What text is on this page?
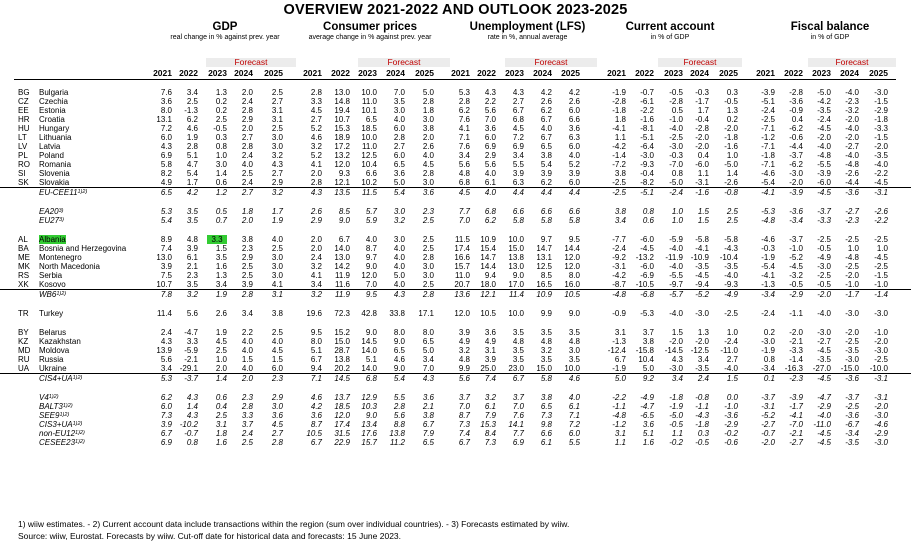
OVERVIEW 2021-2022 AND OUTLOOK 2023-2025
GDP
real change in % against prev. year
Consumer prices
average change in % against prev. year
Unemployment (LFS)
rate in %, annual average
Current account
in % of GDP
Fiscal balance
in % of GDP
Forecast	Forecast	Forecast	Forecast	Forecast
2021 2022	2023 2024	2025	2021	2022 2023	2024	2025	2021 2022	2023	2024	2025	2021	2022	2023 2024	2025	2021	2022	2023	2024	2025
BG Bulgaria	7.6	3.4	1.3	2.0	2.5	2.8	13.0	10.0	7.0	5.0	5.3	4.3	4.3	4.2	4.2	-1.9	-0.7	-0.5	-0.3	0.3	-3.9	-2.8	-5.0	-4.0	-3.0
CZ Czechia	3.6	2.5	0.2	2.4	2.7	3.3	14.8	11.0	3.5	2.8	2.8	2.2	2.7	2.6	2.6	-2.8	-6.1	-2.8	-1.7	-0.5	-5.1	-3.6	-4.2	-2.3	-1.5
EE Estonia	8.0	-1.3	0.2	2.8	3.1	4.5	19.4	10.1	3.0	1.8	6.2	5.6	6.7	6.2	6.0	-1.8	-2.2	0.5	1.7	1.3	-2.4	-0.9	-3.5	-3.2	-2.9
HR Croatia	13.1	6.2	2.5	2.9	3.1	2.7	10.7	6.5	4.0	3.0	7.6	7.0	6.8	6.7	6.6	1.8	-1.6	-1.0	-0.4	0.2	-2.5	0.4	-2.4	-2.0	-1.8
HU Hungary	7.2	4.6	-0.5	2.0	2.5	5.2	15.3	18.5	6.0	3.8	4.1	3.6	4.5	4.0	3.6	-4.1	-8.1	-4.0	-2.8	-2.0	-7.1	-6.2	-4.5	-4.0	-3.3
LT Lithuania	6.0	1.9	0.3	2.7	3.0	4.6	18.9	10.0	2.8	2.0	7.1	6.0	7.2	6.7	6.3	1.1	-5.1	-2.5	-2.0	-1.8	-1.2	-0.6	-2.0	-2.0	-1.5
LV Latvia	4.3	2.8	0.8	2.8	3.0	3.2	17.2	11.0	2.7	2.6	7.6	6.9	6.9	6.5	6.0	-4.2	-6.4	-3.0	-2.0	-1.6	-7.1	-4.4	-4.0	-2.7	-2.0
PL Poland	6.9	5.1	1.0	2.4	3.2	5.2	13.2	12.5	6.0	4.0	3.4	2.9	3.4	3.8	4.0	-1.4	-3.0	-0.3	0.4	1.0	-1.8	-3.7	-4.8	-4.0	-3.5
RO Romania	5.8	4.7	3.0	4.0	4.3	4.1	12.0	10.4	6.5	4.5	5.6	5.6	5.5	5.4	5.2	-7.2	-9.3	-7.0	-6.0	-5.0	-7.1	-6.2	-5.5	-4.8	-4.0
SI Slovenia	8.2	5.4	1.4	2.5	2.7	2.0	9.3	6.6	3.6	2.8	4.8	4.0	3.9	3.9	3.9	3.8	-0.4	0.8	1.1	1.4	-4.6	-3.0	-3.9	-2.6	-2.2
SK Slovakia	4.9	1.7	0.6	2.4	2.9	2.8	12.1	10.2	5.0	3.0	6.8	6.1	6.3	6.2	6.0	-2.5	-8.2	-5.0	-3.1	-2.6	-5.4	-2.0	-6.0	-4.4	-4.5
$EU-CEE11^{1)2)}$	6.5	4.2	1.2	2.7	3.2	4.3	13.5	11.5	5.4	3.6	4.5	4.0	4.4	4.4	4.4	-2.5	-5.1	-2.4	-1.6	-0.8	-4.1	-3.9	-4.5	-3.6	-3.1
EA20$^{3)}$	5.3	3.5	0.5	1.8	1.7	2.6	8.5	5.7	3.0	2.3	7.7	6.8	6.6	6.6	6.6	3.8	0.8	1.0	1.5	2.5	-5.3	-3.6	-3.7	-2.7	-2.6
EU27$^{3)}$	5.4	3.5	0.7	2.0	1.9	2.9	9.0	5.9	3.2	2.5	7.0	6.2	5.8	5.8	5.8	3.4	0.6	1.0	1.5	2.5	-4.8	-3.4	-3.3	-2.3	-2.2
AL Albania	8.9	4.8	3.3	3.8	4.0	2.0	6.7	4.0	3.0	2.5	11.5	10.9	10.0	9.7	9.5	-7.7	-6.0	-5.9	-5.8	-5.8	-4.6	-3.7	-2.5	-2.5	-2.5
BA Bosnia and Herzegovina	7.4	3.9	1.5	2.3	2.5	2.0	14.0	8.7	4.0	2.5	17.4	15.4	15.0	14.7	14.4	-2.4	-4.5	-4.0	-4.1	-4.3	-0.3	-1.0	-0.5	1.0	1.0
ME Montenegro	13.0	6.1	3.5	2.9	3.0	2.4	13.0	9.7	4.0	2.8	16.6	14.7	13.8	13.1	12.0	-9.2	-13.2	-11.9 -10.9	-10.4	-1.9	-5.2	-4.9	-4.8	-4.5
MK North Macedonia	3.9	2.1	1.6	2.5	3.0	3.2	14.2	9.0	4.0	3.0	15.7	14.4	13.0	12.5	12.0	-3.1	-6.0	-4.0	-3.5	-3.5	-5.4	-4.5	-3.0	-2.5	-2.5
RS Serbia	7.5	2.3	1.3	2.5	3.0	4.1	11.9	12.0	5.0	3.0	11.0	9.4	9.0	8.5	8.0	-4.2	-6.9	-5.5	-4.5	-4.0	-4.1	-3.2	-2.5	-2.0	-1.5
XK Kosovo	10.7	3.5	3.4	3.9	4.1	3.4	11.6	7.0	4.0	2.5	20.7	18.0	17.0	16.5	16.0	-8.7	-10.5	-9.7	-9.4	-9.3	-1.3	-0.5	-0.5	-1.0	-1.0
$WB6^{1)2)}$	7.8	3.2	1.9	2.8	3.1	3.2	11.9	9.5	4.3	2.8	13.6	12.1	11.4	10.9	10.5	-4.8	-6.8	-5.7	-5.2	-4.9	-3.4	-2.9	-2.0	-1.7	-1.4
TR Turkey	11.4	5.6	2.6	3.4	3.8	19.6	72.3	42.8	33.8	17.1	12.0	10.5	10.0	9.9	9.0	-0.9	-5.3	-4.0	-3.0	-2.5	-2.4	-1.1	-4.0	-3.0	-3.0
BY Belarus	2.4	-4.7	1.9	2.2	2.5	9.5	15.2	9.0	8.0	8.0	3.9	3.6	3.5	3.5	3.5	3.1	3.7	1.5	1.3	1.0	0.2	-2.0	-3.0	-2.0	-1.0
KZ Kazakhstan	4.3	3.3	4.5	4.0	4.0	8.0	15.0	14.5	9.0	6.5	4.9	4.9	4.8	4.8	4.8	-1.3	3.8	-2.0	-2.0	-2.4	-3.0	-2.1	-2.7	-2.5	-2.0
MD Moldova	13.9	-5.9	2.5	4.0	4.5	5.1	28.7	14.0	6.5	5.0	3.2	3.1	3.5	3.2	3.0	-12.4	-15.8	-14.5 -12.5	-11.0	-1.9	-3.3	-4.5	-3.5	-3.0
RU Russia	5.6	-2.1	1.0	1.5	1.5	6.7	13.8	5.1	4.6	3.4	4.8	3.9	3.5	3.5	3.5	6.7	10.4	4.3	3.4	2.7	0.8	-1.4	-3.5	-3.0	-2.5
UA Ukraine	3.4 -29.1	2.0	4.0	6.0	9.4	20.2	14.0	9.0	7.0	9.9	25.0	23.0	15.0	10.0	-1.9	5.0	-3.0	-3.5	-4.0	-3.4	-16.3	-27.0	-15.0	-10.0
$CIS4+UA^{1)2)}$	5.3	-3.7	1.4	2.0	2.3	7.1	14.5	6.8	5.4	4.3	5.6	7.4	6.7	5.8	4.6	5.0	9.2	3.4	2.4	1.5	0.1	-2.3	-4.5	-3.6	-3.1
$V4^{1)2)}$	6.2	4.3	0.6	2.3	2.9	4.6	13.7	12.9	5.5	3.6	3.7	3.2	3.7	3.8	4.0	-2.2	-4.9	-1.8	-0.8	0.0	-3.7	-3.9	-4.7	-3.7	-3.1
$BALT3^{1)2)}$	6.0	1.4	0.4	2.8	3.0	4.2	18.5	10.3	2.8	2.1	7.0	6.1	7.0	6.5	6.1	-1.1	-4.7	-1.9	-1.1	-1.0	-3.1	-1.7	-2.9	-2.5	-2.0
$SEE9^{1)2)}$	7.3	4.3	2.5	3.3	3.6	3.6	12.0	9.0	5.6	3.8	8.7	7.9	7.6	7.3	7.1	-4.8	-6.5	-5.0	-4.3	-3.6	-5.2	-4.1	-4.0	-3.6	-3.0
$CIS3+UA^{1)2)}$	3.9 -10.2	3.1	3.7	4.5	8.7	17.4	13.4	8.8	6.7	7.3	15.3	14.1	9.8	7.2	-1.2	3.6	-0.5	-1.8	-2.9	-2.7	-7.0	-11.0	-6.7	-4.6
non-$EU12^{1)2)}$	6.7	-0.7	1.8	2.4	2.7	10.5	31.5	17.6	13.8	7.9	7.4	8.4	7.7	6.6	6.0	3.1	5.1	1.1	0.3	-0.2	-0.7	-2.1	-4.5	-3.4	-2.9
$CESEE23^{1)2)}$	6.9	0.8	1.6	2.5	2.8	6.7	22.9	15.7	11.2	6.5	6.7	7.3	6.9	6.1	5.5	1.1	1.6	-0.2	-0.5	-0.6	-2.0	-2.7	-4.5	-3.5	-3.0
1) wiiw estimates. - 2) Current account data include transactions within the region (sum over individual countries). - 3) Forecasts estimated by wiiw.
Source: wiiw, Eurostat. Forecasts by wiiw. Cut-off date for historical data and forecasts: 15 June 2023.
